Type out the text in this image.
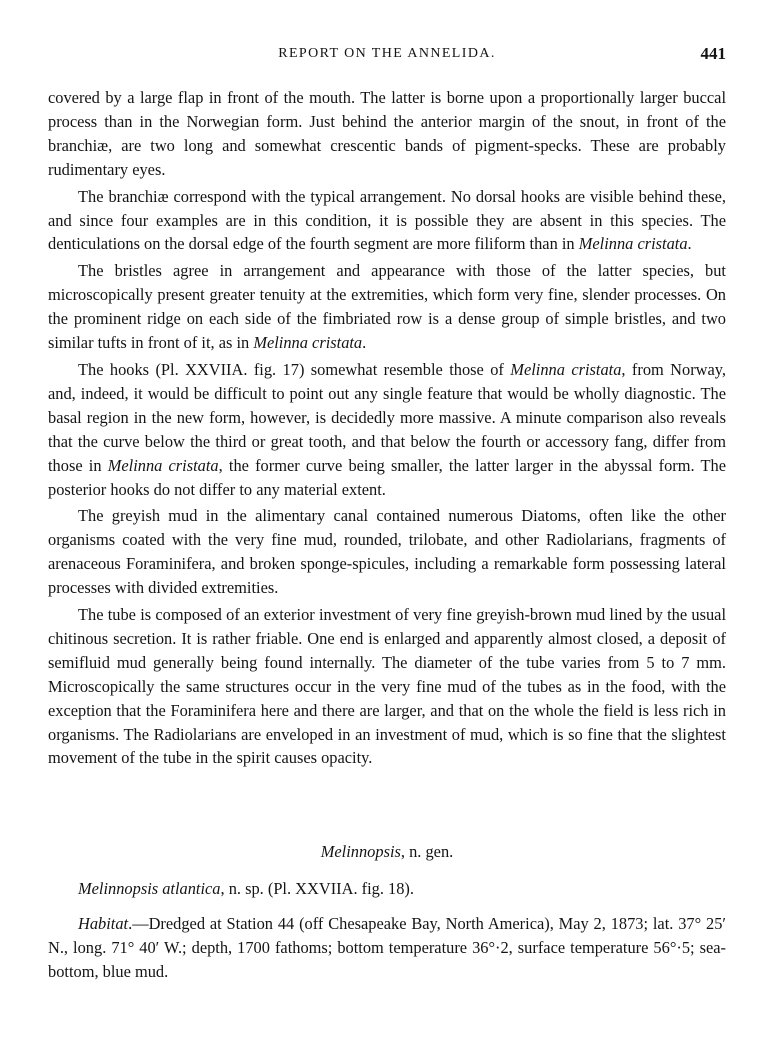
REPORT ON THE ANNELIDA.	441

covered by a large flap in front of the mouth. The latter is borne upon a proportionally larger buccal process than in the Norwegian form. Just behind the anterior margin of the snout, in front of the branchiæ, are two long and somewhat crescentic bands of pigment-specks. These are probably rudimentary eyes.

The branchiæ correspond with the typical arrangement. No dorsal hooks are visible behind these, and since four examples are in this condition, it is possible they are absent in this species. The denticulations on the dorsal edge of the fourth segment are more filiform than in Melinna cristata.

The bristles agree in arrangement and appearance with those of the latter species, but microscopically present greater tenuity at the extremities, which form very fine, slender processes. On the prominent ridge on each side of the fimbriated row is a dense group of simple bristles, and two similar tufts in front of it, as in Melinna cristata.

The hooks (Pl. XXVIIA. fig. 17) somewhat resemble those of Melinna cristata, from Norway, and, indeed, it would be difficult to point out any single feature that would be wholly diagnostic. The basal region in the new form, however, is decidedly more massive. A minute comparison also reveals that the curve below the third or great tooth, and that below the fourth or accessory fang, differ from those in Melinna cristata, the former curve being smaller, the latter larger in the abyssal form. The posterior hooks do not differ to any material extent.

The greyish mud in the alimentary canal contained numerous Diatoms, often like the other organisms coated with the very fine mud, rounded, trilobate, and other Radiolarians, fragments of arenaceous Foraminifera, and broken sponge-spicules, including a remarkable form possessing lateral processes with divided extremities.

The tube is composed of an exterior investment of very fine greyish-brown mud lined by the usual chitinous secretion. It is rather friable. One end is enlarged and apparently almost closed, a deposit of semifluid mud generally being found internally. The diameter of the tube varies from 5 to 7 mm. Microscopically the same structures occur in the very fine mud of the tubes as in the food, with the exception that the Foraminifera here and there are larger, and that on the whole the field is less rich in organisms. The Radiolarians are enveloped in an investment of mud, which is so fine that the slightest movement of the tube in the spirit causes opacity.

Melinnopsis, n. gen.
Melinnopsis atlantica, n. sp. (Pl. XXVIIA. fig. 18).

Habitat.—Dredged at Station 44 (off Chesapeake Bay, North America), May 2, 1873; lat. 37° 25′ N., long. 71° 40′ W.; depth, 1700 fathoms; bottom temperature 36°·2, surface temperature 56°·5; sea-bottom, blue mud.
